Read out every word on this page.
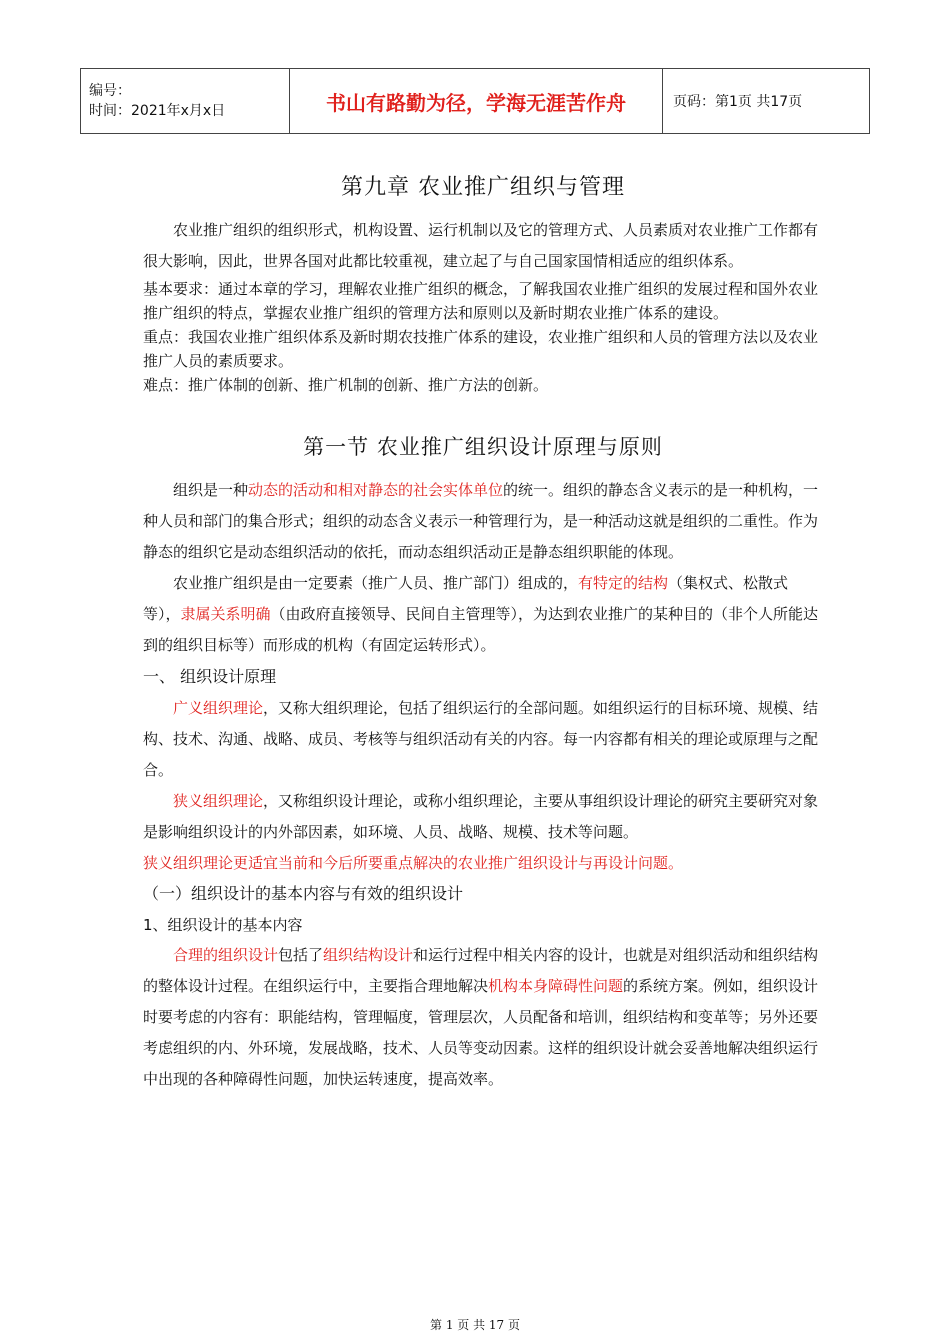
编号：
时间：2021年x月x日	书山有路勤为径，学海无涯苦作舟	页码：第1页 共17页
第九章 农业推广组织与管理

农业推广组织的组织形式，机构设置、运行机制以及它的管理方式、人员素质对农业推广工作都有很大影响，因此，世界各国对此都比较重视，建立起了与自己国家国情相适应的组织体系。

基本要求：通过本章的学习，理解农业推广组织的概念，了解我国农业推广组织的发展过程和国外农业推广组织的特点，掌握农业推广组织的管理方法和原则以及新时期农业推广体系的建设。

重点：我国农业推广组织体系及新时期农技推广体系的建设，农业推广组织和人员的管理方法以及农业推广人员的素质要求。

难点：推广体制的创新、推广机制的创新、推广方法的创新。

第一节 农业推广组织设计原理与原则

组织是一种动态的活动和相对静态的社会实体单位的统一。组织的静态含义表示的是一种机构，一种人员和部门的集合形式；组织的动态含义表示一种管理行为，是一种活动这就是组织的二重性。作为静态的组织它是动态组织活动的依托，而动态组织活动正是静态组织职能的体现。

农业推广组织是由一定要素（推广人员、推广部门）组成的，有特定的结构（集权式、松散式等），隶属关系明确（由政府直接领导、民间自主管理等），为达到农业推广的某种目的（非个人所能达到的组织目标等）而形成的机构（有固定运转形式）。

一、 组织设计原理

广义组织理论，又称大组织理论，包括了组织运行的全部问题。如组织运行的目标环境、规模、结构、技术、沟通、战略、成员、考核等与组织活动有关的内容。每一内容都有相关的理论或原理与之配合。

狭义组织理论，又称组织设计理论，或称小组织理论，主要从事组织设计理论的研究主要研究对象是影响组织设计的内外部因素，如环境、人员、战略、规模、技术等问题。

狭义组织理论更适宜当前和今后所要重点解决的农业推广组织设计与再设计问题。

（一）组织设计的基本内容与有效的组织设计

1、组织设计的基本内容

合理的组织设计包括了组织结构设计和运行过程中相关内容的设计，也就是对组织活动和组织结构的整体设计过程。在组织运行中，主要指合理地解决机构本身障碍性问题的系统方案。例如，组织设计时要考虑的内容有：职能结构，管理幅度，管理层次，人员配备和培训，组织结构和变革等；另外还要考虑组织的内、外环境，发展战略，技术、人员等变动因素。这样的组织设计就会妥善地解决组织运行中出现的各种障碍性问题，加快运转速度，提高效率。

第 1 页 共 17 页
